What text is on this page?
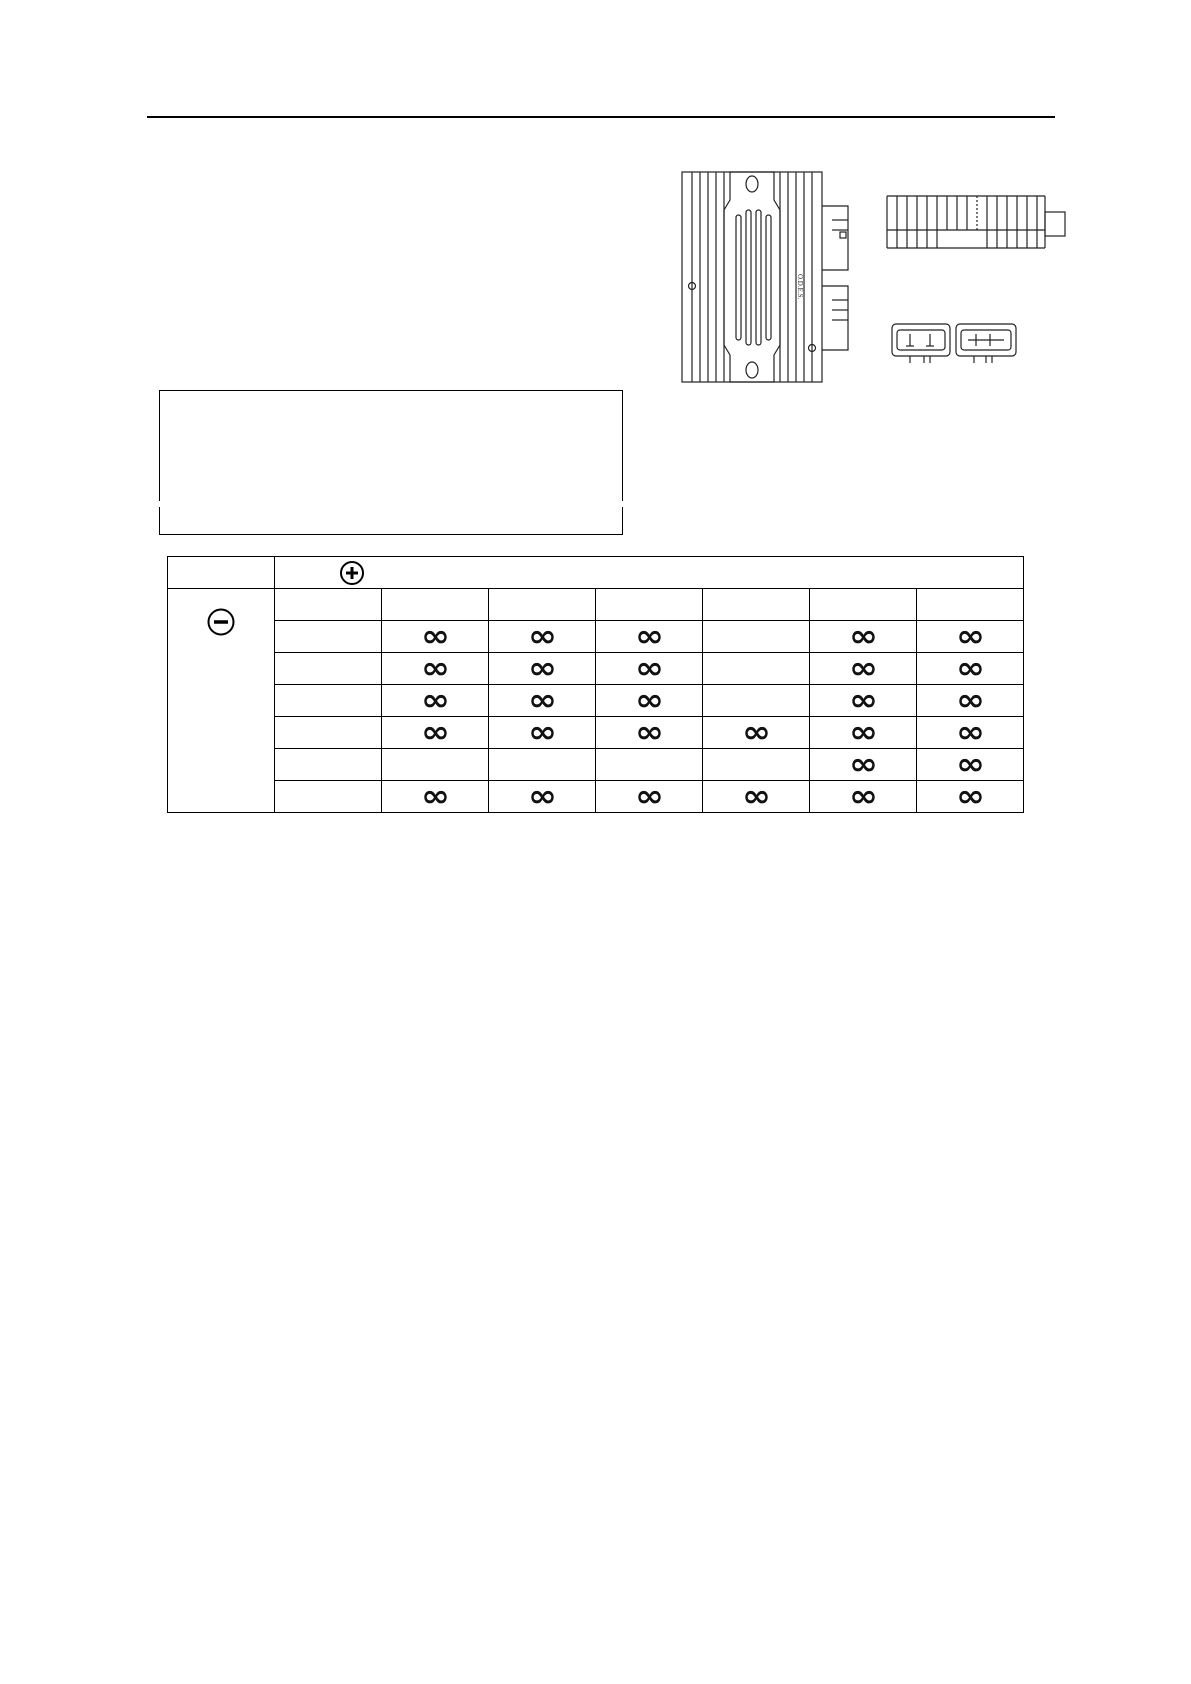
O.D.E.S.

		∞	∞	∞		∞	∞
		∞	∞	∞		∞	∞
		∞	∞	∞		∞	∞
		∞	∞	∞	∞	∞	∞
						∞	∞
		∞	∞	∞	∞	∞	∞
